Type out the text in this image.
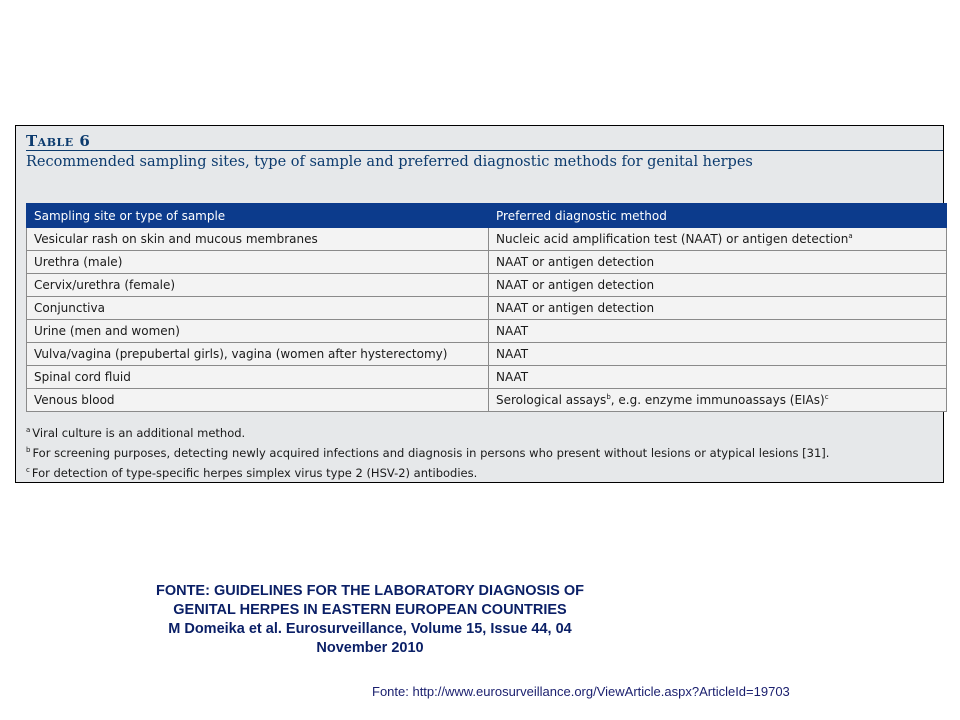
Table 6
Recommended sampling sites, type of sample and preferred diagnostic methods for genital herpes
Sampling site or type of sample	Preferred diagnostic method
Vesicular rash on skin and mucous membranes	Nucleic acid amplification test (NAAT) or antigen detection$^a$
Urethra (male)	NAAT or antigen detection
Cervix/urethra (female)	NAAT or antigen detection
Conjunctiva	NAAT or antigen detection
Urine (men and women)	NAAT
Vulva/vagina (prepubertal girls), vagina (women after hysterectomy)	NAAT
Spinal cord fluid	NAAT
Venous blood	Serological assays$^b$, e.g. enzyme immunoassays (EIAs)$^c$
$^a$ Viral culture is an additional method.
$^b$ For screening purposes, detecting newly acquired infections and diagnosis in persons who present without lesions or atypical lesions [31].
$^c$ For detection of type-specific herpes simplex virus type 2 (HSV-2) antibodies.
FONTE: GUIDELINES FOR THE LABORATORY DIAGNOSIS OF
GENITAL HERPES IN EASTERN EUROPEAN COUNTRIES
M Domeika et al. Eurosurveillance, Volume 15, Issue 44, 04
November 2010
Fonte: http://www.eurosurveillance.org/ViewArticle.aspx?ArticleId=19703
